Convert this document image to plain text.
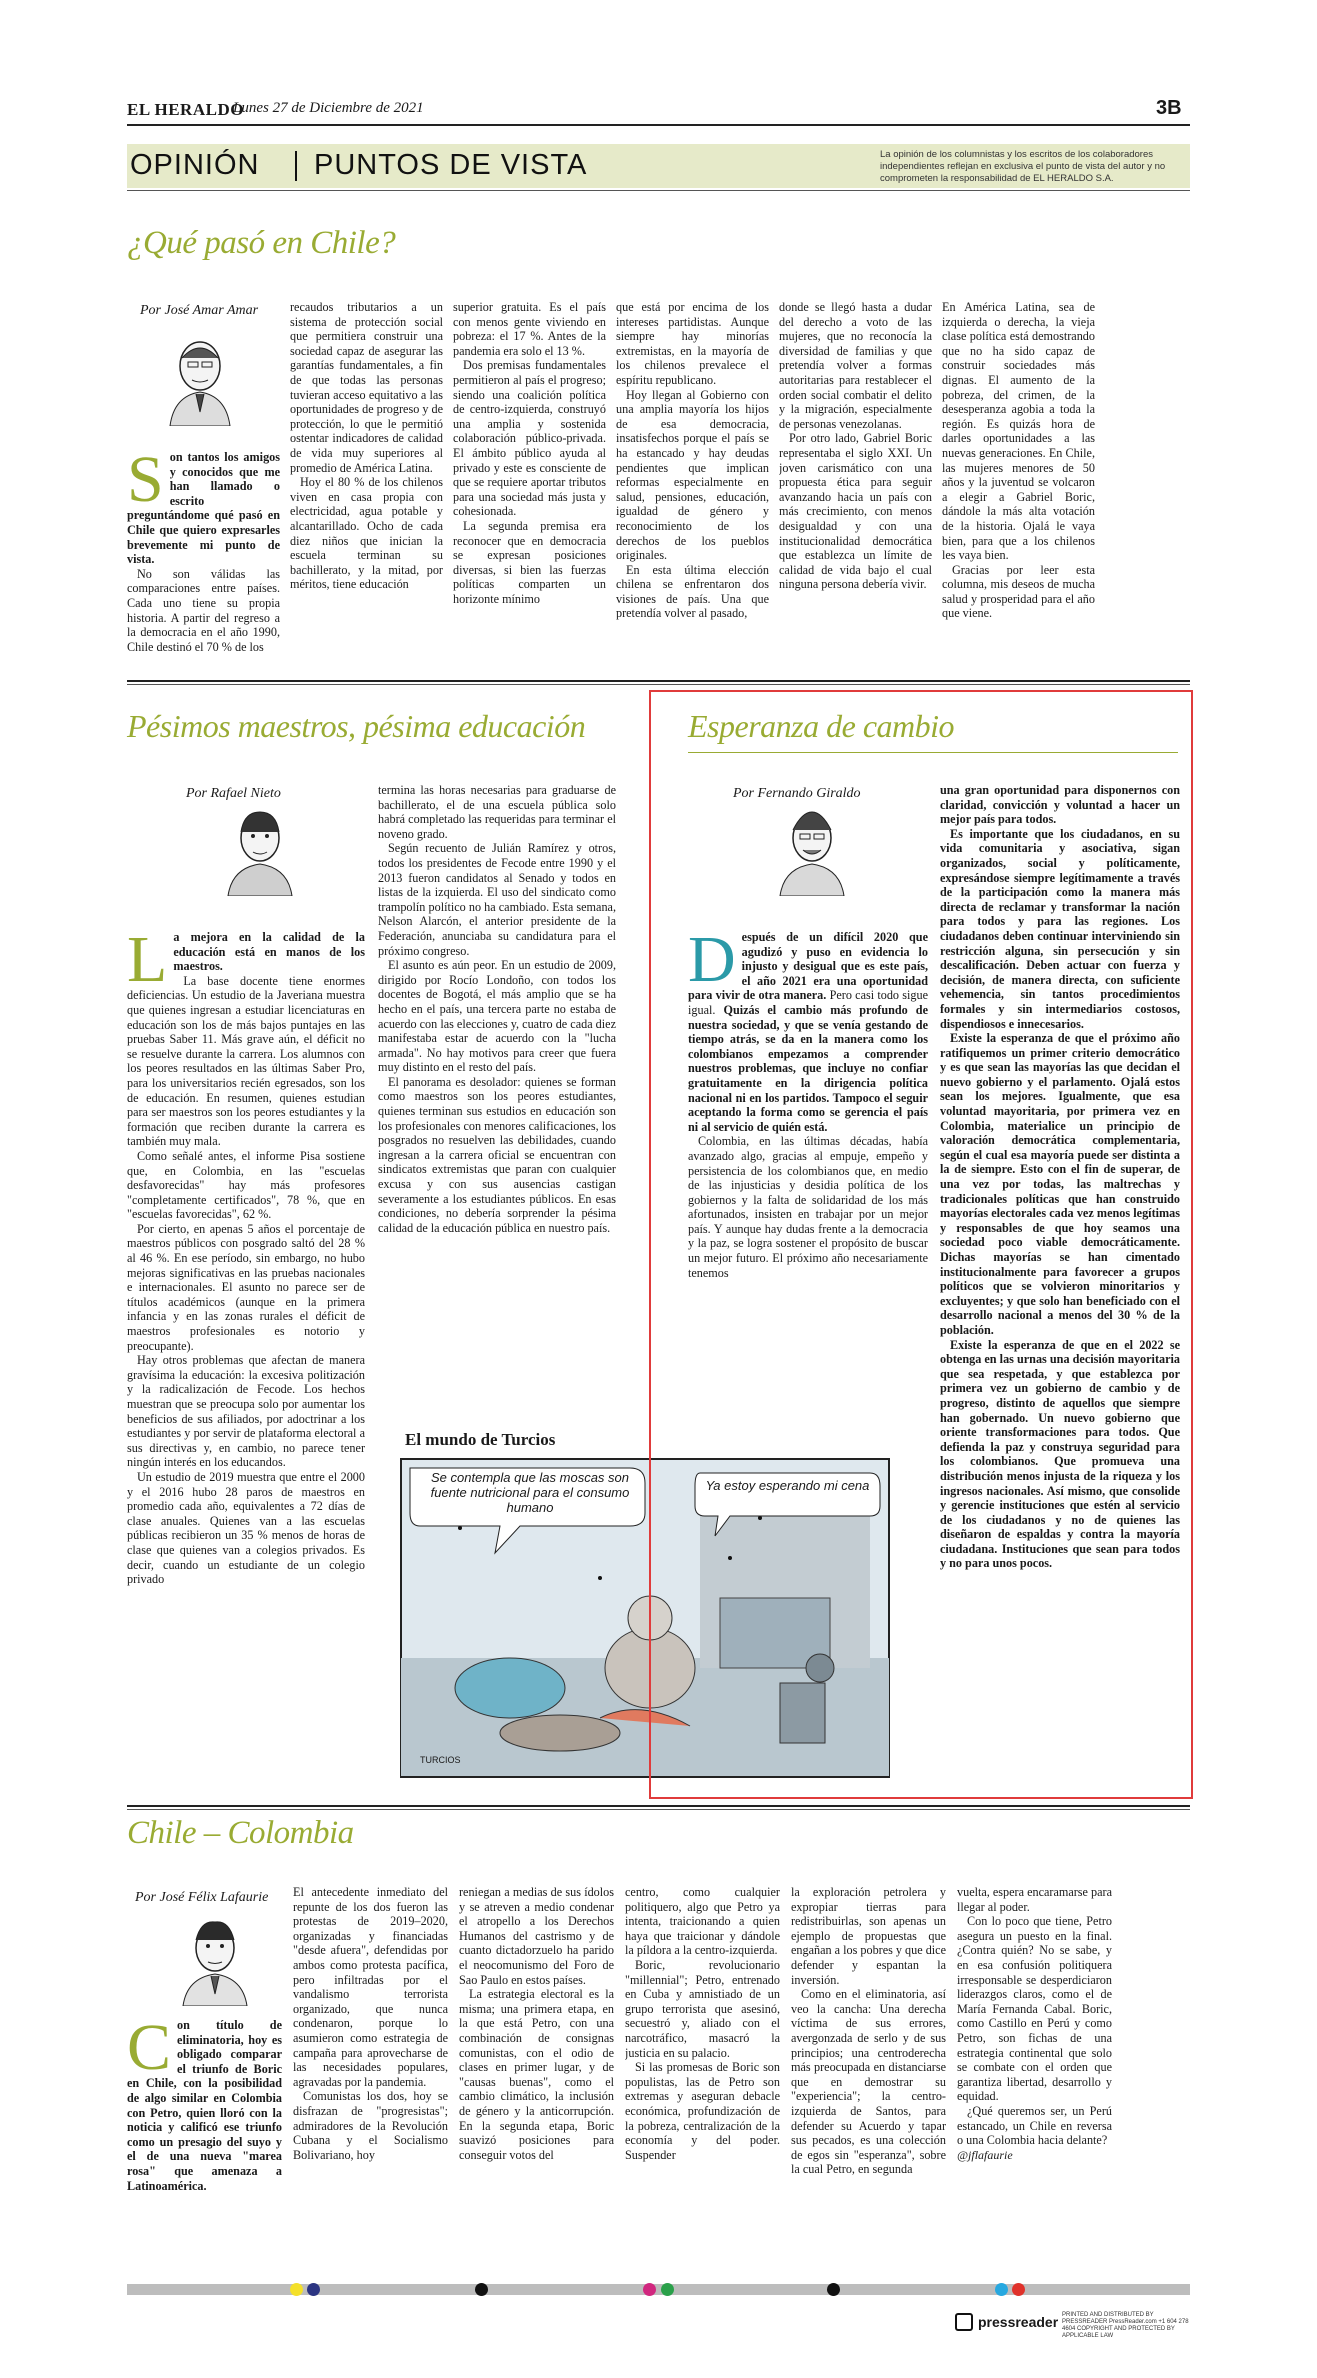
EL HERALDO
Lunes 27 de Diciembre de 2021	3B
OPINIÓN PUNTOS DE VISTA	La opinión de los columnistas y los escritos de los colaboradores independientes reflejan en exclusiva el punto de vista del autor y no comprometen la responsabilidad de EL HERALDO S.A.
¿Qué pasó en Chile?
Por José Amar Amar
S on tantos los amigos y conocidos que me han llamado o escrito preguntándome qué pasó en Chile que quiero expresarles brevemente mi punto de vista.

No son válidas las comparaciones entre países. Cada uno tiene su propia historia. A partir del regreso a la democracia en el año 1990, Chile destinó el 70 % de los

recaudos tributarios a un sistema de protección social que permitiera construir una sociedad capaz de asegurar las garantías fundamentales, a fin de que todas las personas tuvieran acceso equitativo a las oportunidades de progreso y de protección, lo que le permitió ostentar indicadores de calidad de vida muy superiores al promedio de América Latina.

Hoy el 80 % de los chilenos viven en casa propia con electricidad, agua potable y alcantarillado. Ocho de cada diez niños que inician la escuela terminan su bachillerato, y la mitad, por méritos, tiene educación

superior gratuita. Es el país con menos gente viviendo en pobreza: el 17 %. Antes de la pandemia era solo el 13 %.

Dos premisas fundamentales permitieron al país el progreso; siendo una coalición política de centro-izquierda, construyó una amplia y sostenida colaboración público-privada. El ámbito público ayuda al privado y este es consciente de que se requiere aportar tributos para una sociedad más justa y cohesionada.

La segunda premisa era reconocer que en democracia se expresan posiciones diversas, si bien las fuerzas políticas comparten un horizonte mínimo

que está por encima de los intereses partidistas. Aunque siempre hay minorías extremistas, en la mayoría de los chilenos prevalece el espíritu republicano.

Hoy llegan al Gobierno con una amplia mayoría los hijos de esa democracia, insatisfechos porque el país se ha estancado y hay deudas pendientes que implican reformas especialmente en salud, pensiones, educación, igualdad de género y reconocimiento de los derechos de los pueblos originales.

En esta última elección chilena se enfrentaron dos visiones de país. Una que pretendía volver al pasado,

donde se llegó hasta a dudar del derecho a voto de las mujeres, que no reconocía la diversidad de familias y que pretendía volver a formas autoritarias para restablecer el orden social combatir el delito y la migración, especialmente de personas venezolanas.

Por otro lado, Gabriel Boric representaba el siglo XXI. Un joven carismático con una propuesta ética para seguir avanzando hacia un país con más crecimiento, con menos desigualdad y con una institucionalidad democrática que establezca un límite de calidad de vida bajo el cual ninguna persona debería vivir.

En América Latina, sea de izquierda o derecha, la vieja clase política está demostrando que no ha sido capaz de construir sociedades más dignas. El aumento de la pobreza, del crimen, de la desesperanza agobia a toda la región. Es quizás hora de darles oportunidades a las nuevas generaciones. En Chile, las mujeres menores de 50 años y la juventud se volcaron a elegir a Gabriel Boric, dándole la más alta votación de la historia. Ojalá le vaya bien, para que a los chilenos les vaya bien.

Gracias por leer esta columna, mis deseos de mucha salud y prosperidad para el año que viene.

Pésimos maestros, pésima educación
Por Rafael Nieto
L a mejora en la calidad de la educación está en manos de los maestros.

La base docente tiene enormes deficiencias. Un estudio de la Javeriana muestra que quienes ingresan a estudiar licenciaturas en educación son los de más bajos puntajes en las pruebas Saber 11. Más grave aún, el déficit no se resuelve durante la carrera. Los alumnos con los peores resultados en las últimas Saber Pro, para los universitarios recién egresados, son los de educación. En resumen, quienes estudian para ser maestros son los peores estudiantes y la formación que reciben durante la carrera es también muy mala.

Como señalé antes, el informe Pisa sostiene que, en Colombia, en las "escuelas desfavorecidas" hay más profesores "completamente certificados", 78 %, que en "escuelas favorecidas", 62 %.

Por cierto, en apenas 5 años el porcentaje de maestros públicos con posgrado saltó del 28 % al 46 %. En ese período, sin embargo, no hubo mejoras significativas en las pruebas nacionales e internacionales. El asunto no parece ser de títulos académicos (aunque en la primera infancia y en las zonas rurales el déficit de maestros profesionales es notorio y preocupante).

Hay otros problemas que afectan de manera gravísima la educación: la excesiva politización y la radicalización de Fecode. Los hechos muestran que se preocupa solo por aumentar los beneficios de sus afiliados, por adoctrinar a los estudiantes y por servir de plataforma electoral a sus directivas y, en cambio, no parece tener ningún interés en los educandos.

Un estudio de 2019 muestra que entre el 2000 y el 2016 hubo 28 paros de maestros en promedio cada año, equivalentes a 72 días de clase anuales. Quienes van a las escuelas públicas recibieron un 35 % menos de horas de clase que quienes van a colegios privados. Es decir, cuando un estudiante de un colegio privado

termina las horas necesarias para graduarse de bachillerato, el de una escuela pública solo habrá completado las requeridas para terminar el noveno grado.

Según recuento de Julián Ramírez y otros, todos los presidentes de Fecode entre 1990 y el 2013 fueron candidatos al Senado y todos en listas de la izquierda. El uso del sindicato como trampolín político no ha cambiado. Esta semana, Nelson Alarcón, el anterior presidente de la Federación, anunciaba su candidatura para el próximo congreso.

El asunto es aún peor. En un estudio de 2009, dirigido por Rocío Londoño, con todos los docentes de Bogotá, el más amplio que se ha hecho en el país, una tercera parte no estaba de acuerdo con las elecciones y, cuatro de cada diez manifestaba estar de acuerdo con la "lucha armada". No hay motivos para creer que fuera muy distinto en el resto del país.

El panorama es desolador: quienes se forman como maestros son los peores estudiantes, quienes terminan sus estudios en educación son los profesionales con menores calificaciones, los posgrados no resuelven las debilidades, cuando ingresan a la carrera oficial se encuentran con sindicatos extremistas que paran con cualquier excusa y con sus ausencias castigan severamente a los estudiantes públicos. En esas condiciones, no debería sorprender la pésima calidad de la educación pública en nuestro país.

El mundo de Turcios
Se contempla que las moscas son fuente nutricional para el consumo humano
Ya estoy esperando mi cena
TURCIOS
Esperanza de cambio
Por Fernando Giraldo
D espués de un difícil 2020 que agudizó y puso en evidencia lo injusto y desigual que es este país, el año 2021 era una oportunidad para vivir de otra manera. Pero casi todo sigue igual. Quizás el cambio más profundo de nuestra sociedad, y que se venía gestando de tiempo atrás, se da en la manera como los colombianos empezamos a comprender nuestros problemas, que incluye no confiar gratuitamente en la dirigencia política nacional ni en los partidos. Tampoco el seguir aceptando la forma como se gerencia el país ni al servicio de quién está.

Colombia, en las últimas décadas, había avanzado algo, gracias al empuje, empeño y persistencia de los colombianos que, en medio de las injusticias y desidia política de los gobiernos y la falta de solidaridad de los más afortunados, insisten en trabajar por un mejor país. Y aunque hay dudas frente a la democracia y la paz, se logra sostener el propósito de buscar un mejor futuro. El próximo año necesariamente tenemos

una gran oportunidad para disponernos con claridad, convicción y voluntad a hacer un mejor país para todos.

Es importante que los ciudadanos, en su vida comunitaria y asociativa, sigan organizados, social y políticamente, expresándose siempre legítimamente a través de la participación como la manera más directa de reclamar y transformar la nación para todos y para las regiones. Los ciudadanos deben continuar interviniendo sin restricción alguna, sin persecución y sin descalificación. Deben actuar con fuerza y decisión, de manera directa, con suficiente vehemencia, sin tantos procedimientos formales y sin intermediarios costosos, dispendiosos e innecesarios.

Existe la esperanza de que el próximo año ratifiquemos un primer criterio democrático y es que sean las mayorías las que decidan el nuevo gobierno y el parlamento. Ojalá estos sean los mejores. Igualmente, que esa voluntad mayoritaria, por primera vez en Colombia, materialice un principio de valoración democrática complementaria, según el cual esa mayoría puede ser distinta a la de siempre. Esto con el fin de superar, de una vez por todas, las maltrechas y tradicionales políticas que han construido mayorías electorales cada vez menos legítimas y responsables de que hoy seamos una sociedad poco viable democráticamente. Dichas mayorías se han cimentado institucionalmente para favorecer a grupos políticos que se volvieron minoritarios y excluyentes; y que solo han beneficiado con el desarrollo nacional a menos del 30 % de la población.

Existe la esperanza de que en el 2022 se obtenga en las urnas una decisión mayoritaria que sea respetada, y que establezca por primera vez un gobierno de cambio y de progreso, distinto de aquellos que siempre han gobernado. Un nuevo gobierno que oriente transformaciones para todos. Que defienda la paz y construya seguridad para los colombianos. Que promueva una distribución menos injusta de la riqueza y los ingresos nacionales. Así mismo, que consolide y gerencie instituciones que estén al servicio de los ciudadanos y no de quienes las diseñaron de espaldas y contra la mayoría ciudadana. Instituciones que sean para todos y no para unos pocos.

Chile – Colombia
Por José Félix Lafaurie
C on título de eliminatoria, hoy es obligado comparar el triunfo de Boric en Chile, con la posibilidad de algo similar en Colombia con Petro, quien lloró con la noticia y calificó ese triunfo como un presagio del suyo y el de una nueva "marea rosa" que amenaza a Latinoamérica.

El antecedente inmediato del repunte de los dos fueron las protestas de 2019–2020, organizadas y financiadas "desde afuera", defendidas por ambos como protesta pacífica, pero infiltradas por el vandalismo terrorista organizado, que nunca condenaron, porque lo asumieron como estrategia de campaña para aprovecharse de las necesidades populares, agravadas por la pandemia.

Comunistas los dos, hoy se disfrazan de "progresistas"; admiradores de la Revolución Cubana y el Socialismo Bolivariano, hoy

reniegan a medias de sus ídolos y se atreven a medio condenar el atropello a los Derechos Humanos del castrismo y de cuanto dictadorzuelo ha parido el neocomunismo del Foro de Sao Paulo en estos países.

La estrategia electoral es la misma; una primera etapa, en la que está Petro, con una combinación de consignas comunistas, con el odio de clases en primer lugar, y de "causas buenas", como el cambio climático, la inclusión de género y la anticorrupción. En la segunda etapa, Boric suavizó posiciones para conseguir votos del

centro, como cualquier politiquero, algo que Petro ya intenta, traicionando a quien haya que traicionar y dándole la píldora a la centro-izquierda.

Boric, revolucionario "millennial"; Petro, entrenado en Cuba y amnistiado de un grupo terrorista que asesinó, secuestró y, aliado con el narcotráfico, masacró la justicia en su palacio.

Si las promesas de Boric son populistas, las de Petro son extremas y aseguran debacle económica, profundización de la pobreza, centralización de la economía y del poder. Suspender

la exploración petrolera y expropiar tierras para redistribuirlas, son apenas un ejemplo de propuestas que engañan a los pobres y que dice defender y espantan la inversión.

Como en el eliminatoria, así veo la cancha: Una derecha víctima de sus errores, avergonzada de serlo y de sus principios; una centroderecha más preocupada en distanciarse que en demostrar su "experiencia"; la centro-izquierda de Santos, para defender su Acuerdo y tapar sus pecados, es una colección de egos sin "esperanza", sobre la cual Petro, en segunda

vuelta, espera encaramarse para llegar al poder.

Con lo poco que tiene, Petro asegura un puesto en la final. ¿Contra quién? No se sabe, y en esa confusión politiquera irresponsable se desperdiciaron liderazgos claros, como el de María Fernanda Cabal. Boric, como Castillo en Perú y como Petro, son fichas de una estrategia continental que solo se combate con el orden que garantiza libertad, desarrollo y equidad.

¿Qué queremos ser, un Perú estancado, un Chile en reversa o una Colombia hacia delante?

@jflafaurie

pressreader PRINTED AND DISTRIBUTED BY PRESSREADER PressReader.com +1 604 278 4604 COPYRIGHT AND PROTECTED BY APPLICABLE LAW
